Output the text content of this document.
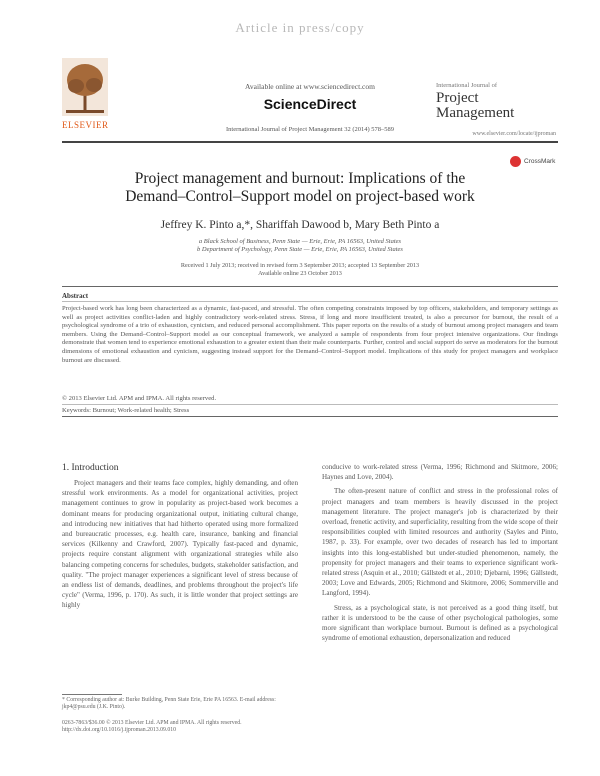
Article in press/copy
ELSEVIER
Available online at www.sciencedirect.com
ScienceDirect
International Journal of Project Management 32 (2014) 578–589
International Journal of
Project
Management
www.elsevier.com/locate/ijproman
CrossMark
Project management and burnout: Implications of the
Demand–Control–Support model on project-based work
Jeffrey K. Pinto a,*, Shariffah Dawood b, Mary Beth Pinto a
a Black School of Business, Penn State — Erie, Erie, PA 16563, United States
b Department of Psychology, Penn State — Erie, Erie, PA 16563, United States
Received 1 July 2013; received in revised form 3 September 2013; accepted 13 September 2013
Available online 23 October 2013
Abstract
Project-based work has long been characterized as a dynamic, fast-paced, and stressful. The often competing constraints imposed by top officers, stakeholders, and temporary settings as well as project activities conflict-laden and highly contradictory work-related stress. Stress, if long and more insufficient treated, is also a precursor for burnout, the result of a psychological syndrome of a trio of exhaustion, cynicism, and reduced personal accomplishment. This paper reports on the results of a study of burnout among project managers and team members. Using the Demand–Control–Support model as our conceptual framework, we analyzed a sample of respondents from four project intensive organizations. Our findings demonstrate that women tend to experience emotional exhaustion to a greater extent than their male counterparts. Further, control and social support do serve as moderators for the burnout dimensions of emotional exhaustion and cynicism, suggesting instead support for the Demand–Control–Support model. Implications of this study for project managers and workplace burnout are discussed.
© 2013 Elsevier Ltd. APM and IPMA. All rights reserved.
Keywords: Burnout; Work-related health; Stress
1. Introduction

Project managers and their teams face complex, highly demanding, and often stressful work environments. As a model for organizational activities, project management continues to grow in popularity as project-based work becomes a dominant means for producing organizational output, initiating cultural change, and introducing new initiatives that had hitherto operated using more formalized and bureaucratic processes, e.g. health care, insurance, banking and financial services (Kilkenny and Crawford, 2007). Typically fast-paced and dynamic, projects require constant alignment with organizational strategies while also balancing competing concerns for schedules, budgets, stakeholder satisfaction, and quality. "The project manager experiences a significant level of stress because of an endless list of demands, deadlines, and problems throughout the project's life cycle" (Verma, 1996, p. 170). As such, it is little wonder that project settings are highly

conducive to work-related stress (Verma, 1996; Richmond and Skitmore, 2006; Haynes and Love, 2004).

The often-present nature of conflict and stress in the professional roles of project managers and team members is heavily discussed in the project management literature. The project manager's job is characterized by their overload, frenetic activity, and superficiality, resulting from the wide scope of their responsibilities coupled with limited resources and authority (Sayles and Pinto, 1987, p. 33). For example, over two decades of research has led to important insights into this long-established but under-studied phenomenon, namely, the propensity for project managers and their teams to experience significant work-related stress (Asquin et al., 2010; Gällstedt et al., 2010; Djebarni, 1996; Gällstedt, 2003; Love and Edwards, 2005; Richmond and Skitmore, 2006; Sommerville and Langford, 1994).

Stress, as a psychological state, is not perceived as a good thing itself, but rather it is understood to be the cause of other psychological pathologies, some more significant than workplace burnout. Burnout is defined as a psychological syndrome of emotional exhaustion, depersonalization and reduced

* Corresponding author at: Burke Building, Penn State Erie, Erie PA 16563. E-mail address: jkp4@psu.edu (J.K. Pinto).
0263-7863/$36.00 © 2013 Elsevier Ltd. APM and IPMA. All rights reserved. http://dx.doi.org/10.1016/j.ijproman.2013.09.010
